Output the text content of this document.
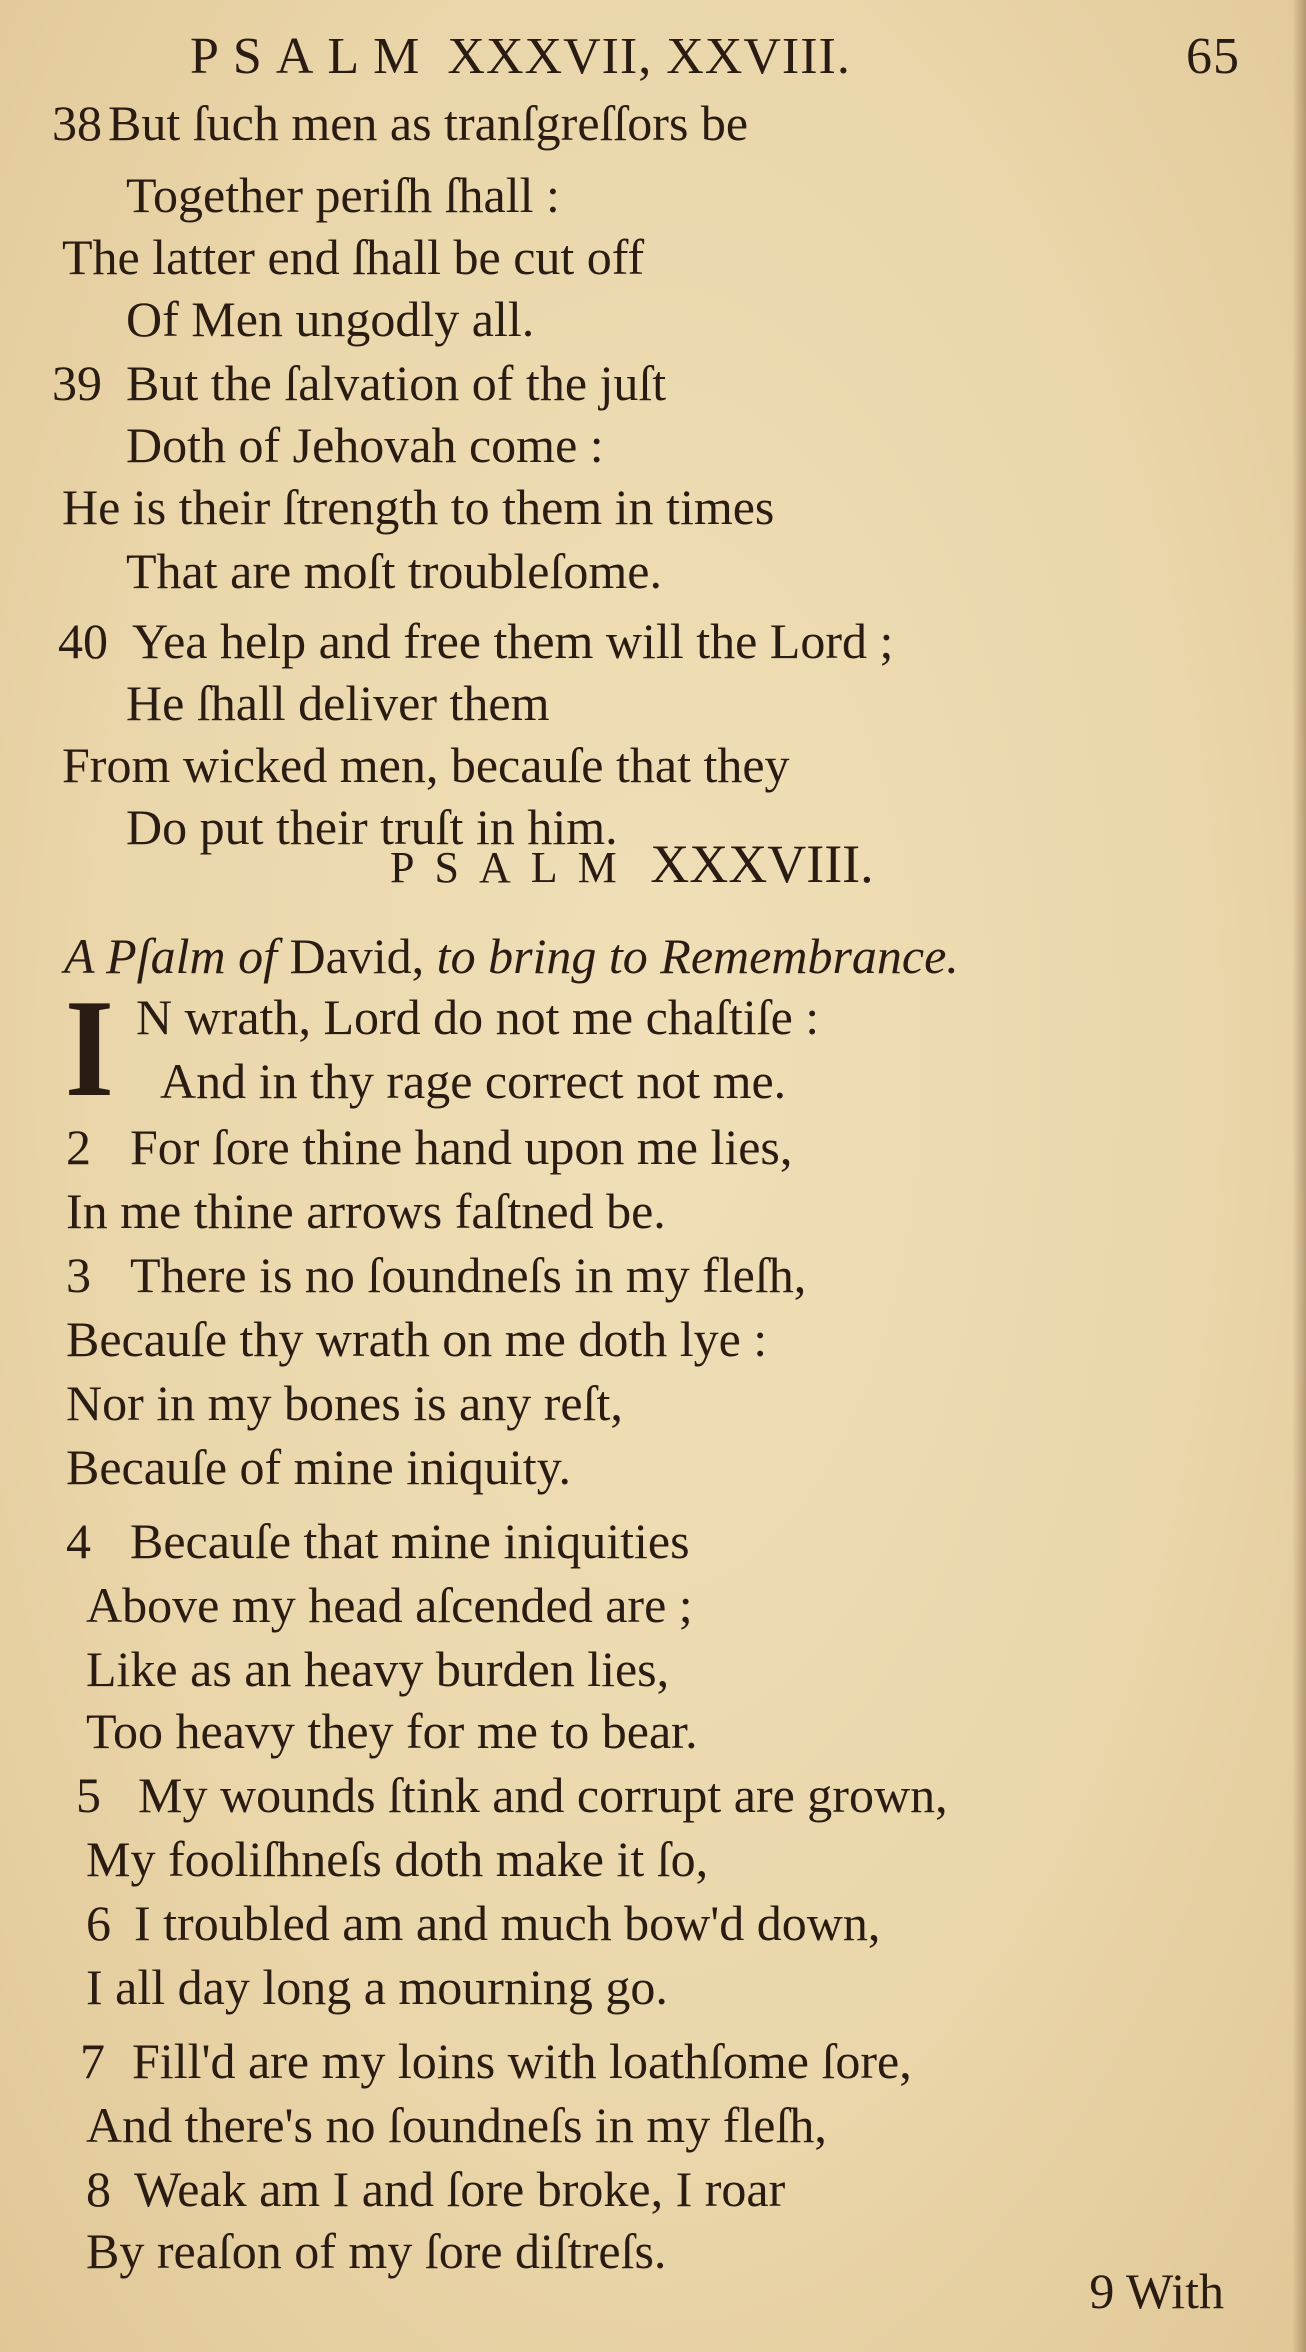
PSALM XXXVII, XXVIII.	65
38 But ſuch men as tranſgreſſors be
Together periſh ſhall :
The latter end ſhall be cut off
Of Men ungodly all.
39 But the ſalvation of the juſt
Doth of Jehovah come :
He is their ſtrength to them in times
That are moſt troubleſome.
40 Yea help and free them will the Lord ;
He ſhall deliver them
From wicked men, becauſe that they
Do put their truſt in him.
PSALM XXXVIII.
A Pſalm of David, to bring to Remembrance.
I N wrath, Lord do not me chaſtiſe :
And in thy rage correct not me.
2 For ſore thine hand upon me lies,
In me thine arrows faſtned be.
3 There is no ſoundneſs in my fleſh,
Becauſe thy wrath on me doth lye :
Nor in my bones is any reſt,
Becauſe of mine iniquity.
4 Becauſe that mine iniquities
Above my head aſcended are ;
Like as an heavy burden lies,
Too heavy they for me to bear.
5 My wounds ſtink and corrupt are grown,
My fooliſhneſs doth make it ſo,
6 I troubled am and much bow'd down,
I all day long a mourning go.
7 Fill'd are my loins with loathſome ſore,
And there's no ſoundneſs in my fleſh,
8 Weak am I and ſore broke, I roar
By reaſon of my ſore diſtreſs.
9 With
